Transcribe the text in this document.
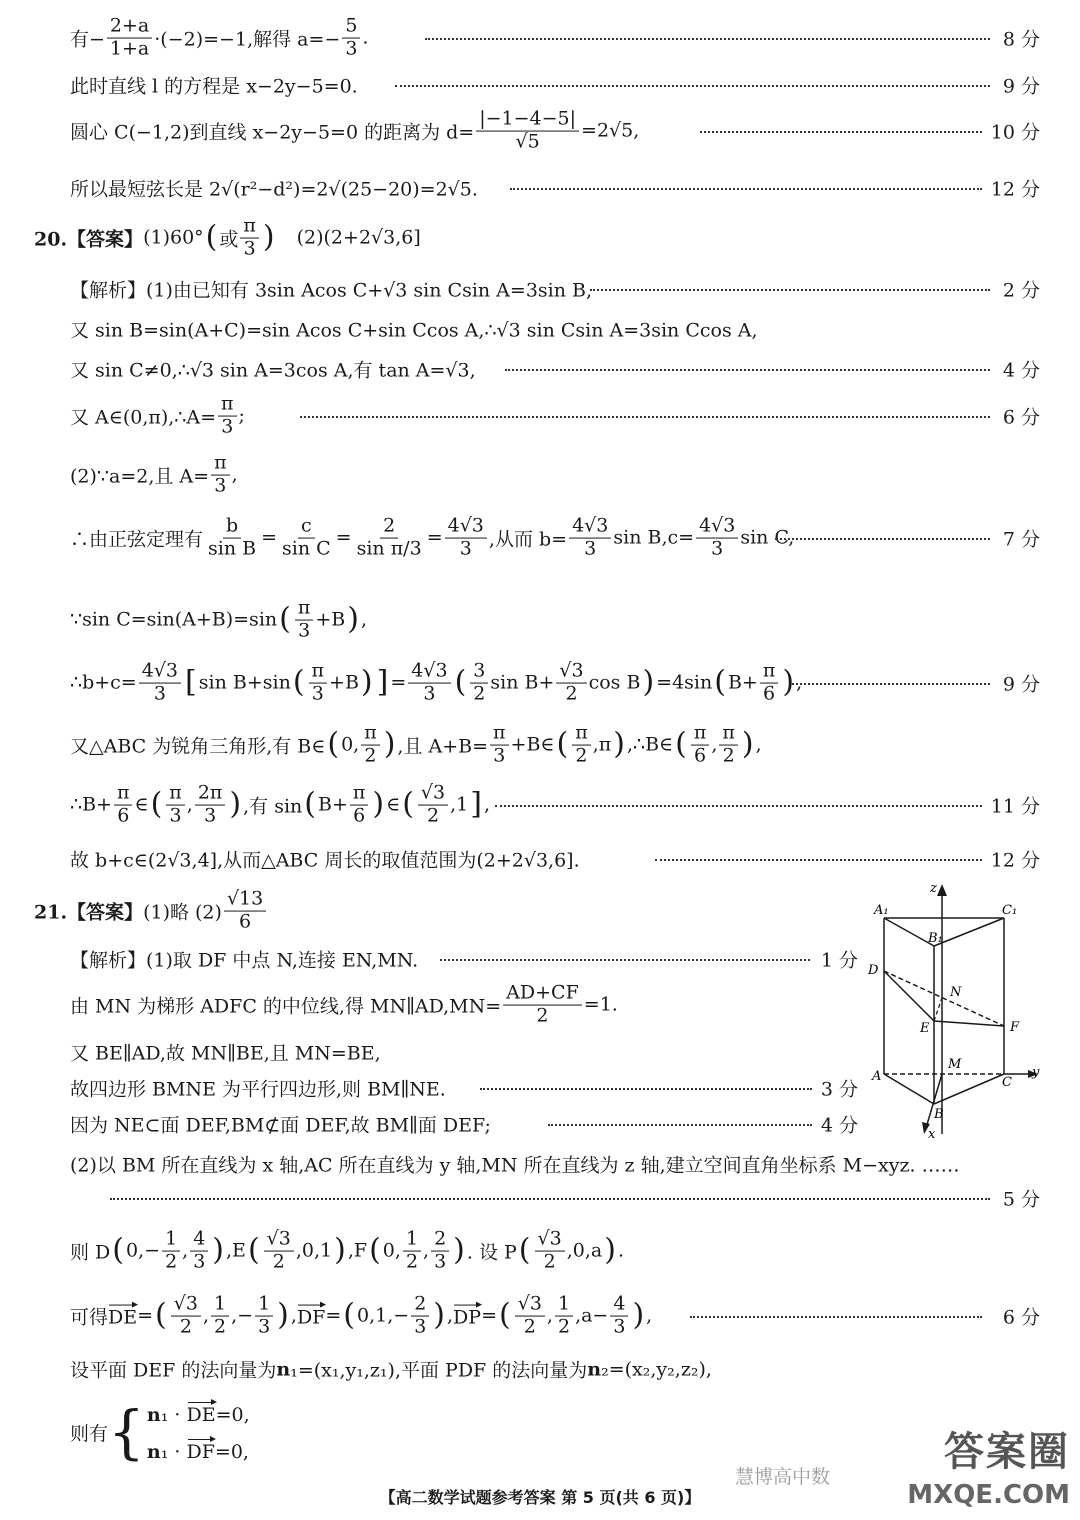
有− $\frac{2+a}{1+a} \cdot(-2)=-1$,解得 $a=- \frac{5}{3}$ .	8 分
此时直线 l 的方程是 x−2y−5=0.	9 分
圆心 C(−1,2)到直线 x−2y−5=0 的距离为 $d= \frac{|-1-4-5|}{√5} =2√5$,	10 分
所以最短弦长是 2√(r²−d²)=2√(25−20)=2√5.	12 分
20.【答案】 (1)60° ( 或 $\frac{\pi}{3}$ ) (2)(2+2√3,6]
【解析】(1)由已知有 3sin Acos C+√3 sin Csin A=3sin B,	2 分
又 sin B=sin(A+C)=sin Acos C+sin Ccos A,∴√3 sin Csin A=3sin Ccos A,
又 sin C≠0,∴√3 sin A=3cos A,有 tan A=√3,	4 分
又 A∈(0,π),∴A= $\frac{\pi}{3}$ ;	6 分
(2)∵a=2,且 $A= \frac{\pi}{3}$ ,
∴由正弦定理有 $\frac{b}{\text{sin B}} = \frac{c}{\text{sin C}} = \frac{2}{\text{sin π/3}} = \frac{4√3}{3}$ ,从而 $b= \frac{4√3}{3}$ $\sin B,c= \frac{4√3}{3}$ sin C,	7 分
∵sin C=sin(A+B)=sin ( $\frac{\pi}{3} +B$ ) ,
∴b+c= $\frac{4√3}{3}$ [ sin B+sin ( $\frac{\pi}{3} +B$ ) ] = $\frac{4√3}{3}$ ( $\frac{3}{2}$ $\sin B+ \frac{√3}{2}$ cos B ) =4sin ( $B+ \frac{\pi}{6}$ ) ,	9 分
又△ABC 为锐角三角形,有 B∈ ( 0, $\frac{\pi}{2}$ ) ,且 $A+B= \frac{\pi}{3}$ +B∈ ( $\frac{\pi}{2} ,\pi$ ) ,∴B∈ ( $\frac{\pi}{6}$ , $\frac{\pi}{2}$ ) ,
∴B+ $\frac{\pi}{6}$ ∈ ( $\frac{\pi}{3}$ , $\frac{2\pi}{3}$ ) ,有 sin ( $B+ \frac{\pi}{6}$ ) ∈ ( $\frac{√3}{2} ,1$ ] ,	11 分
故 b+c∈(2√3,4],从而△ABC 周长的取值范围为(2+2√3,6].	12 分
21.【答案】 (1)略 $(2) \frac{√13}{6}$
【解析】(1)取 DF 中点 N,连接 EN,MN.	1 分
由 MN 为梯形 ADFC 的中位线,得 MN∥AD,MN= $\frac{AD+CF}{2} =1$.
又 BE∥AD,故 MN∥BE,且 MN=BE,
故四边形 BMNE 为平行四边形,则 BM∥NE.	3 分
因为 NE⊂面 DEF,BM⊄面 DEF,故 BM∥面 DEF;	4 分
(2)以 BM 所在直线为 x 轴,AC 所在直线为 y 轴,MN 所在直线为 z 轴,建立空间直角坐标系 M−xyz. ……
5 分
则 D ( $0,- \frac{1}{2}$ , $\frac{4}{3}$ ) ,E ( $\frac{√3}{2} ,0,1$ ) ,F ( 0, $\frac{1}{2}$ , $\frac{2}{3}$ ) . 设 P ( $\frac{√3}{2} ,0,a$ ) .
可得 DE = ( $\frac{√3}{2}$ , $\frac{1}{2}$ ,− $\frac{1}{3}$ ) , DF = ( $0,1,- \frac{2}{3}$ ) , DP = ( $\frac{√3}{2}$ , $\frac{1}{2} ,a- \frac{4}{3}$ ) ,	6 分
设平面 DEF 的法向量为 n ₁=(x₁,y₁,z₁),平面 PDF 的法向量为 n ₂=(x₂,y₂,z₂),
则有 { n₁ · DE=0,
n₁ · DF=0,
z
y
x
A₁	C₁
B₁
D
N
E	F
A
M
C
B
【高二数学试题参考答案 第 5 页(共 6 页)】
慧博高中数
答案圈
MXQE.COM
